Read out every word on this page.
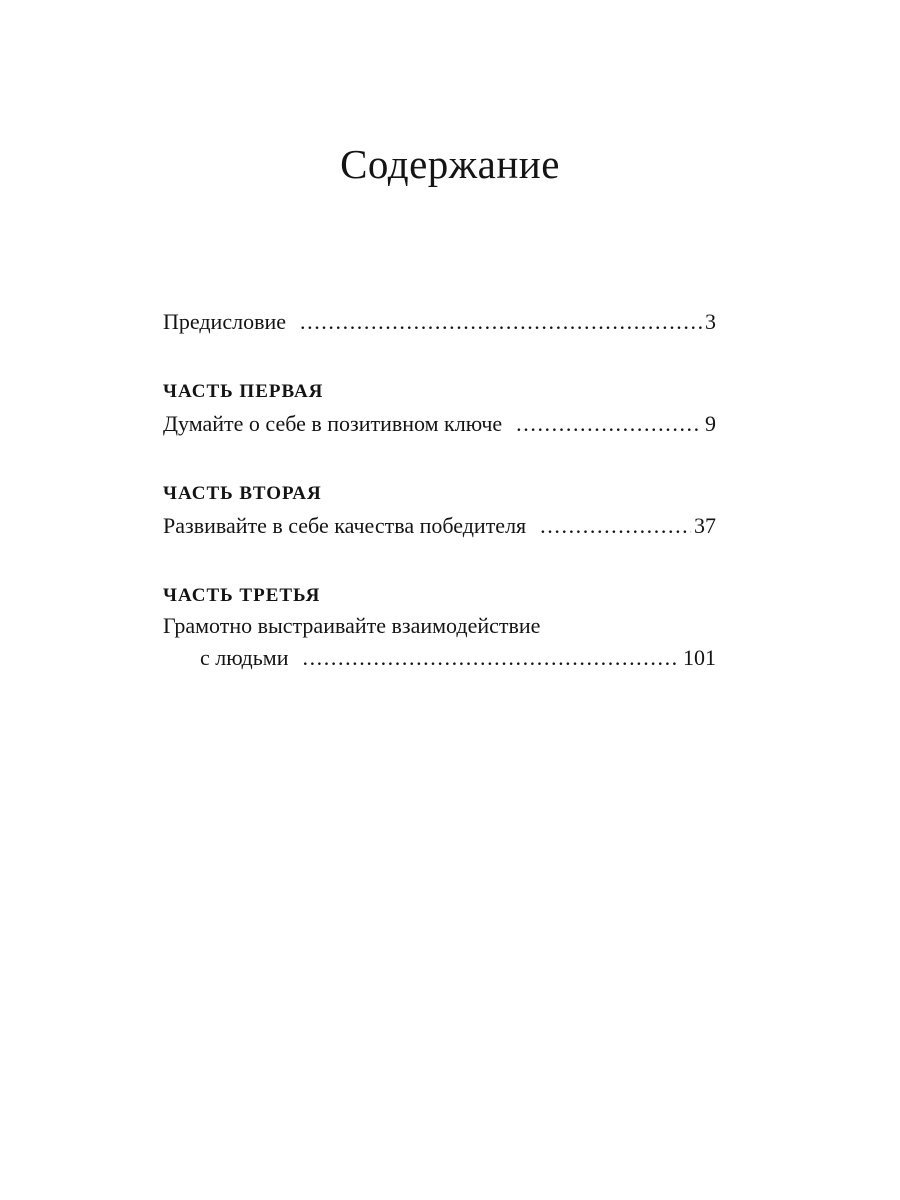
Содержание
Предисловие .....	3
ЧАСТЬ ПЕРВАЯ
Думайте о себе в позитивном ключе .....	9
ЧАСТЬ ВТОРАЯ
Развивайте в себе качества победителя .....	37
ЧАСТЬ ТРЕТЬЯ
Грамотно выстраивайте взаимодействие
с людьми .....	101
